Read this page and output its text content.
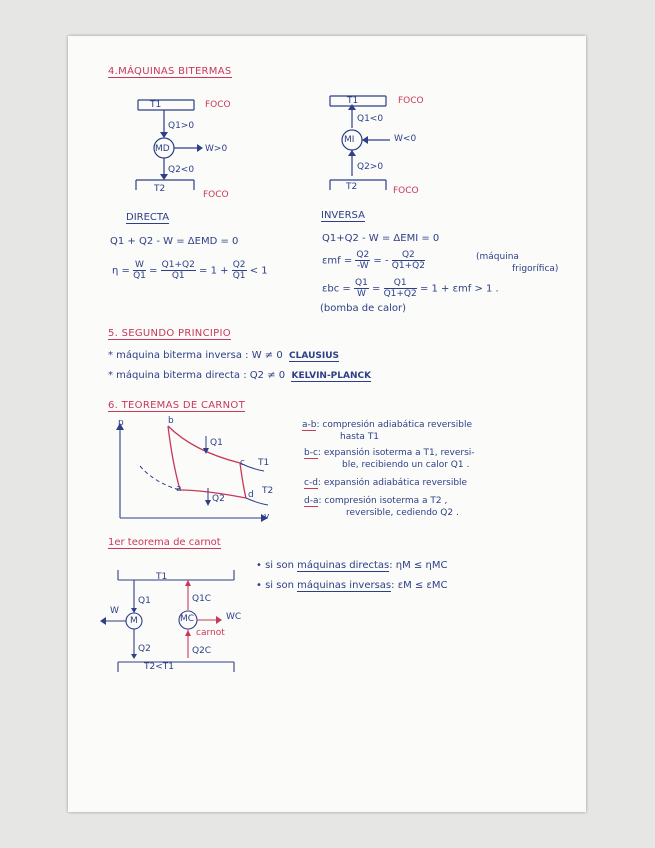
4.MÁQUINAS BITERMAS
T1	FOCO
Q1>0
MD	W>0
Q2<0
T2
FOCO
T1	FOCO
Q1<0
MI	W<0
Q2>0
T2	FOCO
DIRECTA
Q1 + Q2 - W = ΔEMD = 0
$\eta = \frac{W}{Q1} = \frac{Q1+Q2}{Q1} = 1 + \frac{Q2}{Q1} < 1$
INVERSA
Q1+Q2 - W = ΔEMI = 0
$\varepsilon mf = \frac{Q2}{-W}$ = - $\frac{Q2}{Q1+Q2}$	(máquina
frigorífica)
$\varepsilon bc = \frac{Q1}{W} = \frac{Q1}{Q1+Q2} = 1 + \varepsilon mf > 1$ .
(bomba de calor)
5. SEGUNDO PRINCIPIO
* máquina biterma inversa : W ≠ 0 CLAUSIUS
* máquina biterma directa : Q2 ≠ 0 KELVIN-PLANCK
6. TEOREMAS DE CARNOT
p
v
b
c
d
a
Q1
Q2
T1
T2
a-b: compresión adiabática reversible
hasta T1
b-c: expansión isoterma a T1, reversi-
ble, recibiendo un calor Q1 .
c-d: expansión adiabática reversible
d-a: compresión isoterma a T2 ,
reversible, cediendo Q2 .
1er teorema de carnot
T1
W
Q1
M
Q2
Q1C
MC	WC
carnot
Q2C
T2<T1
• si son máquinas directas: ηM ≤ ηMC
• si son máquinas inversas: εM ≤ εMC
